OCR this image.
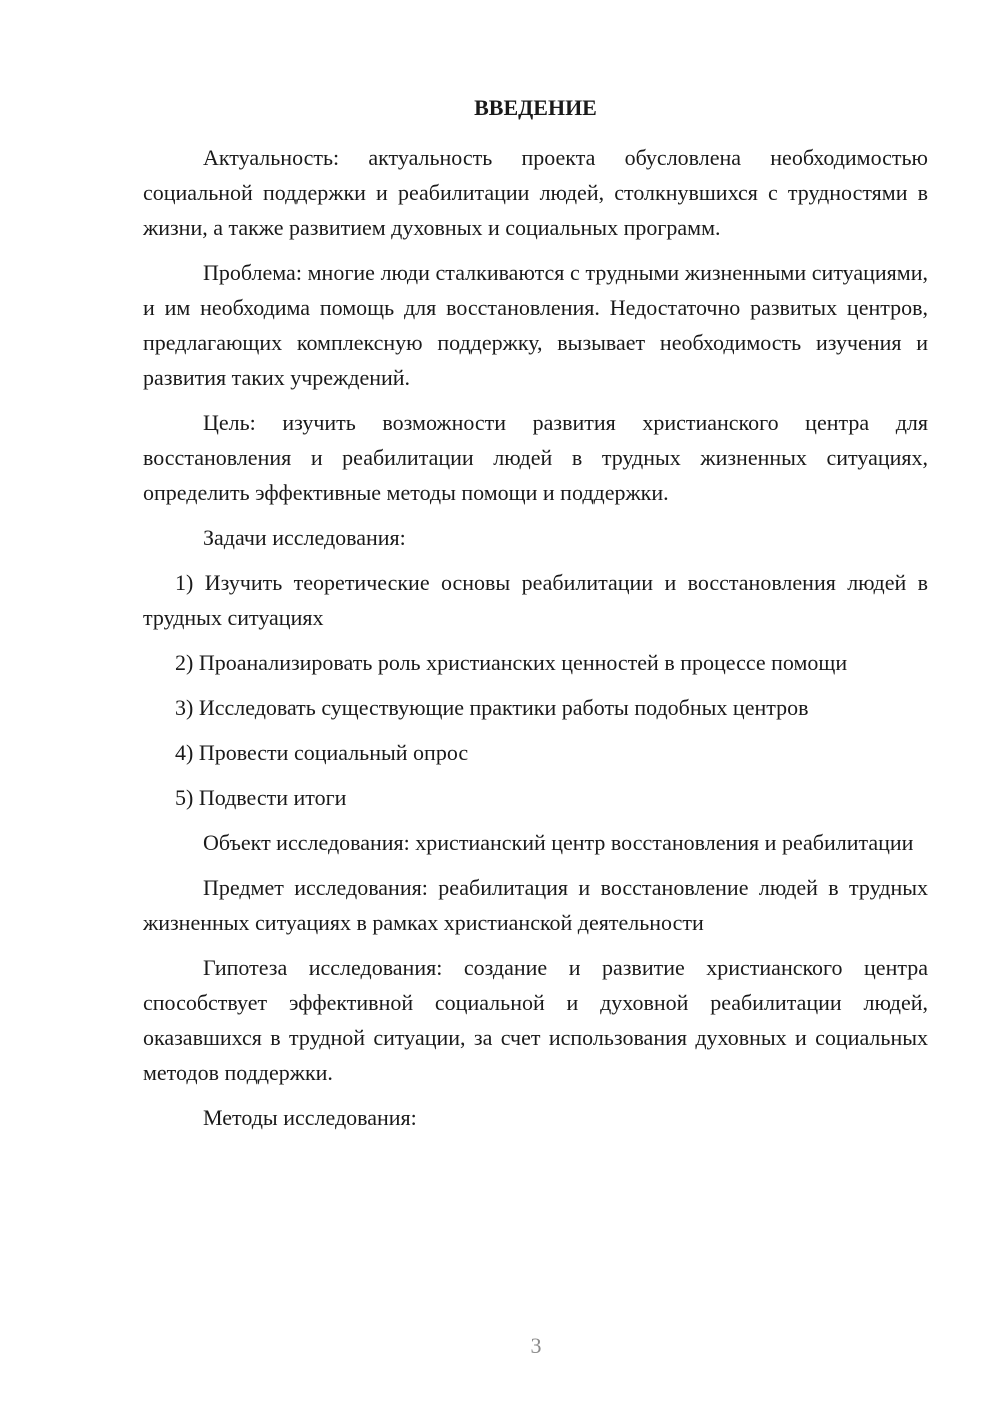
ВВЕДЕНИЕ

Актуальность: актуальность проекта обусловлена необходимостью социальной поддержки и реабилитации людей, столкнувшихся с трудностями в жизни, а также развитием духовных и социальных программ.

Проблема: многие люди сталкиваются с трудными жизненными ситуациями, и им необходима помощь для восстановления. Недостаточно развитых центров, предлагающих комплексную поддержку, вызывает необходимость изучения и развития таких учреждений.

Цель: изучить возможности развития христианского центра для восстановления и реабилитации людей в трудных жизненных ситуациях, определить эффективные методы помощи и поддержки.

Задачи исследования:

1) Изучить теоретические основы реабилитации и восстановления людей в трудных ситуациях

2) Проанализировать роль христианских ценностей в процессе помощи

3) Исследовать существующие практики работы подобных центров

4) Провести социальный опрос

5) Подвести итоги

Объект исследования: христианский центр восстановления и реабилитации

Предмет исследования: реабилитация и восстановление людей в трудных жизненных ситуациях в рамках христианской деятельности

Гипотеза исследования: создание и развитие христианского центра способствует эффективной социальной и духовной реабилитации людей, оказавшихся в трудной ситуации, за счет использования духовных и социальных методов поддержки.

Методы исследования:

3
